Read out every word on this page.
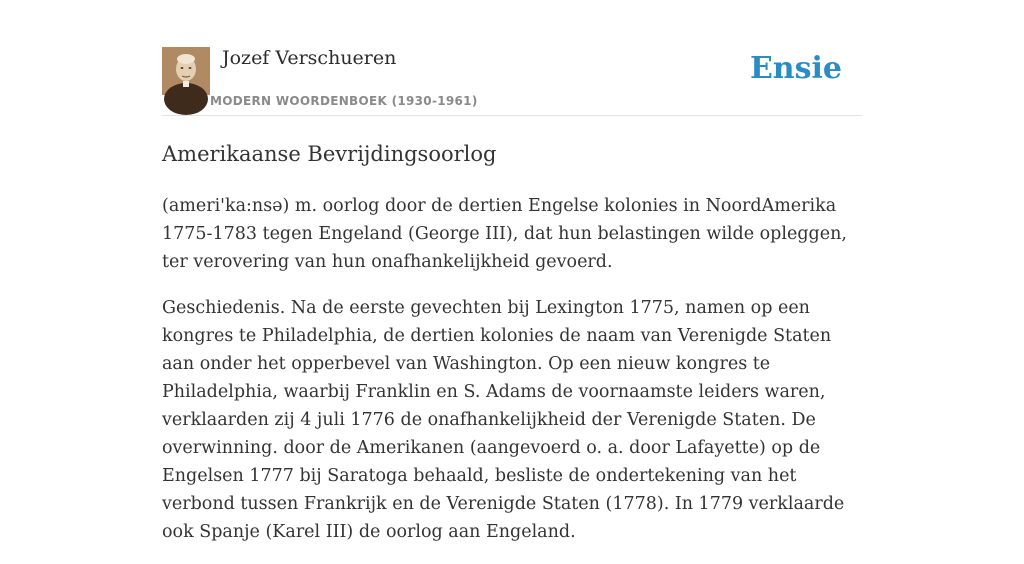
Jozef Verschueren
MODERN WOORDENBOEK (1930-1961)
Ensie
Amerikaanse Bevrijdingsoorlog

(ameri'ka:nsə) m. oorlog door de dertien Engelse kolonies in NoordAmerika 1775-1783 tegen Engeland (George III), dat hun belastingen wilde opleggen, ter verovering van hun onafhankelijkheid gevoerd.

Geschiedenis. Na de eerste gevechten bij Lexington 1775, namen op een kongres te Philadelphia, de dertien kolonies de naam van Verenigde Staten aan onder het opperbevel van Washington. Op een nieuw kongres te Philadelphia, waarbij Franklin en S. Adams de voornaamste leiders waren, verklaarden zij 4 juli 1776 de onafhankelijkheid der Verenigde Staten. De overwinning. door de Amerikanen (aangevoerd o. a. door Lafayette) op de Engelsen 1777 bij Saratoga behaald, besliste de ondertekening van het verbond tussen Frankrijk en de Verenigde Staten (1778). In 1779 verklaarde ook Spanje (Karel III) de oorlog aan Engeland.
